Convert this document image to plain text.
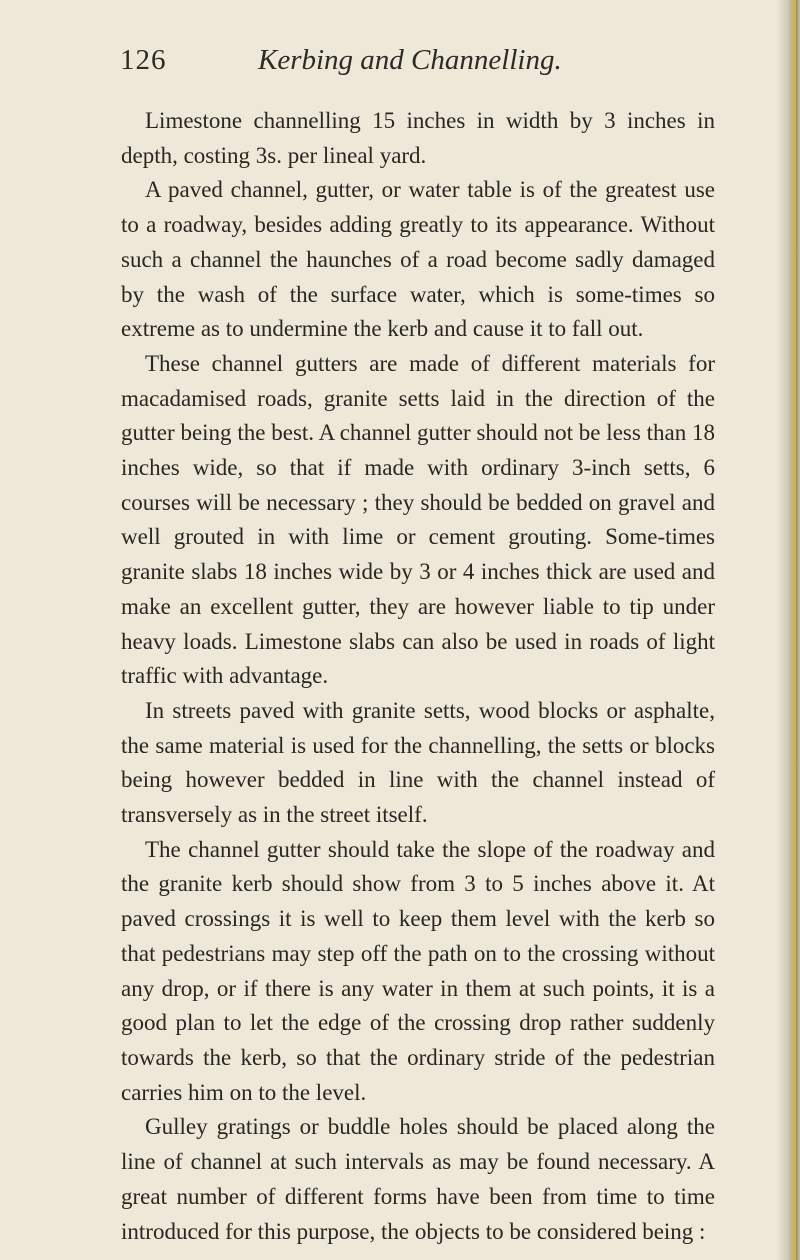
126	Kerbing and Channelling.

Limestone channelling 15 inches in width by 3 inches in depth, costing 3s. per lineal yard.

A paved channel, gutter, or water table is of the greatest use to a roadway, besides adding greatly to its appearance. Without such a channel the haunches of a road become sadly damaged by the wash of the surface water, which is some-times so extreme as to undermine the kerb and cause it to fall out.

These channel gutters are made of different materials for macadamised roads, granite setts laid in the direction of the gutter being the best. A channel gutter should not be less than 18 inches wide, so that if made with ordinary 3-inch setts, 6 courses will be necessary ; they should be bedded on gravel and well grouted in with lime or cement grouting. Some-times granite slabs 18 inches wide by 3 or 4 inches thick are used and make an excellent gutter, they are however liable to tip under heavy loads. Limestone slabs can also be used in roads of light traffic with advantage.

In streets paved with granite setts, wood blocks or asphalte, the same material is used for the channelling, the setts or blocks being however bedded in line with the channel instead of transversely as in the street itself.

The channel gutter should take the slope of the roadway and the granite kerb should show from 3 to 5 inches above it. At paved crossings it is well to keep them level with the kerb so that pedestrians may step off the path on to the crossing without any drop, or if there is any water in them at such points, it is a good plan to let the edge of the crossing drop rather suddenly towards the kerb, so that the ordinary stride of the pedestrian carries him on to the level.

Gulley gratings or buddle holes should be placed along the line of channel at such intervals as may be found necessary. A great number of different forms have been from time to time introduced for this purpose, the objects to be considered being :
